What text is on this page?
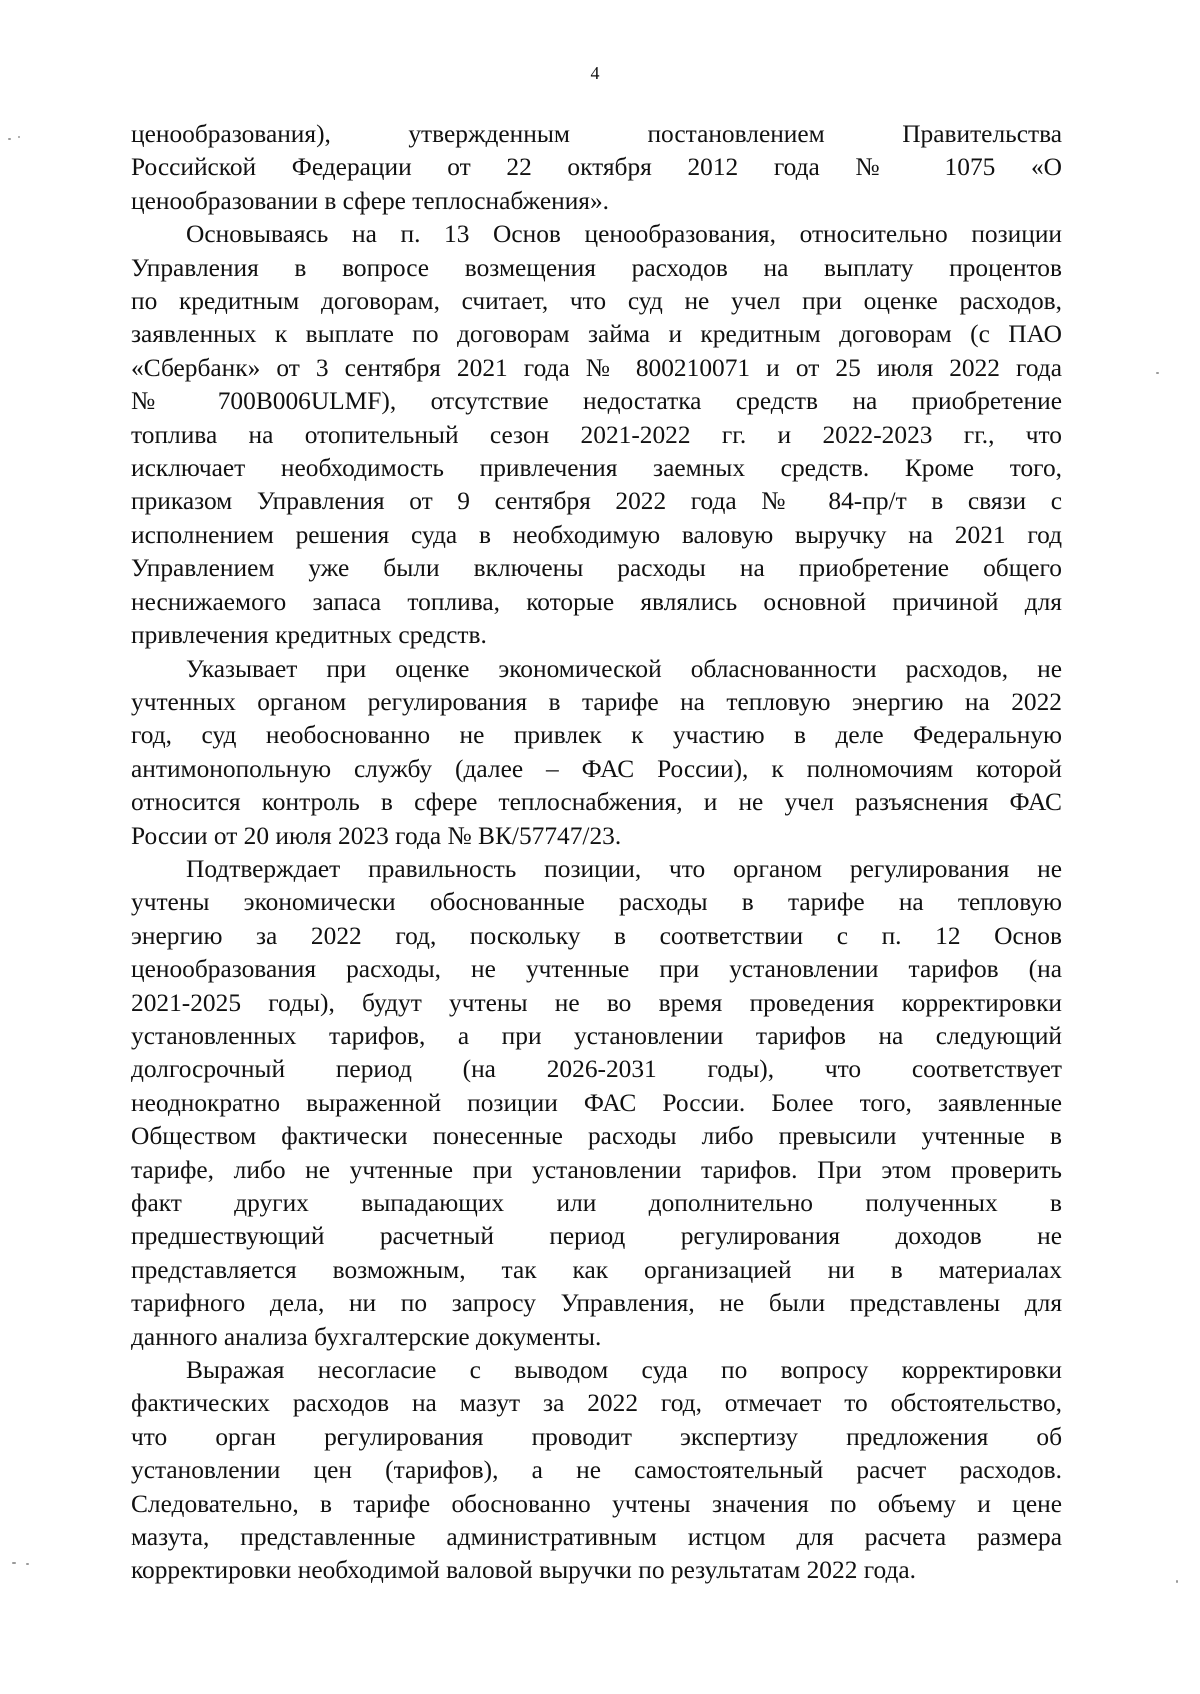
4
ценообразования), утвержденным постановлением Правительства
Российской Федерации от 22 октября 2012 года № 1075 «О
ценообразовании в сфере теплоснабжения».
Основываясь на п. 13 Основ ценообразования, относительно позиции
Управления в вопросе возмещения расходов на выплату процентов
по кредитным договорам, считает, что суд не учел при оценке расходов,
заявленных к выплате по договорам займа и кредитным договорам (с ПАО
«Сбербанк» от 3 сентября 2021 года № 800210071 и от 25 июля 2022 года
№ 700B006ULMF), отсутствие недостатка средств на приобретение
топлива на отопительный сезон 2021-2022 гг. и 2022-2023 гг., что
исключает необходимость привлечения заемных средств. Кроме того,
приказом Управления от 9 сентября 2022 года № 84-пр/т в связи с
исполнением решения суда в необходимую валовую выручку на 2021 год
Управлением уже были включены расходы на приобретение общего
неснижаемого запаса топлива, которые являлись основной причиной для
привлечения кредитных средств.
Указывает при оценке экономической обласнованности расходов, не
учтенных органом регулирования в тарифе на тепловую энергию на 2022
год, суд необоснованно не привлек к участию в деле Федеральную
антимонопольную службу (далее – ФАС России), к полномочиям которой
относится контроль в сфере теплоснабжения, и не учел разъяснения ФАС
России от 20 июля 2023 года № ВК/57747/23.
Подтверждает правильность позиции, что органом регулирования не
учтены экономически обоснованные расходы в тарифе на тепловую
энергию за 2022 год, поскольку в соответствии с п. 12 Основ
ценообразования расходы, не учтенные при установлении тарифов (на
2021-2025 годы), будут учтены не во время проведения корректировки
установленных тарифов, а при установлении тарифов на следующий
долгосрочный период (на 2026-2031 годы), что соответствует
неоднократно выраженной позиции ФАС России. Более того, заявленные
Обществом фактически понесенные расходы либо превысили учтенные в
тарифе, либо не учтенные при установлении тарифов. При этом проверить
факт других выпадающих или дополнительно полученных в
предшествующий расчетный период регулирования доходов не
представляется возможным, так как организацией ни в материалах
тарифного дела, ни по запросу Управления, не были представлены для
данного анализа бухгалтерские документы.
Выражая несогласие с выводом суда по вопросу корректировки
фактических расходов на мазут за 2022 год, отмечает то обстоятельство,
что орган регулирования проводит экспертизу предложения об
установлении цен (тарифов), а не самостоятельный расчет расходов.
Следовательно, в тарифе обоснованно учтены значения по объему и цене
мазута, представленные административным истцом для расчета размера
корректировки необходимой валовой выручки по результатам 2022 года.
